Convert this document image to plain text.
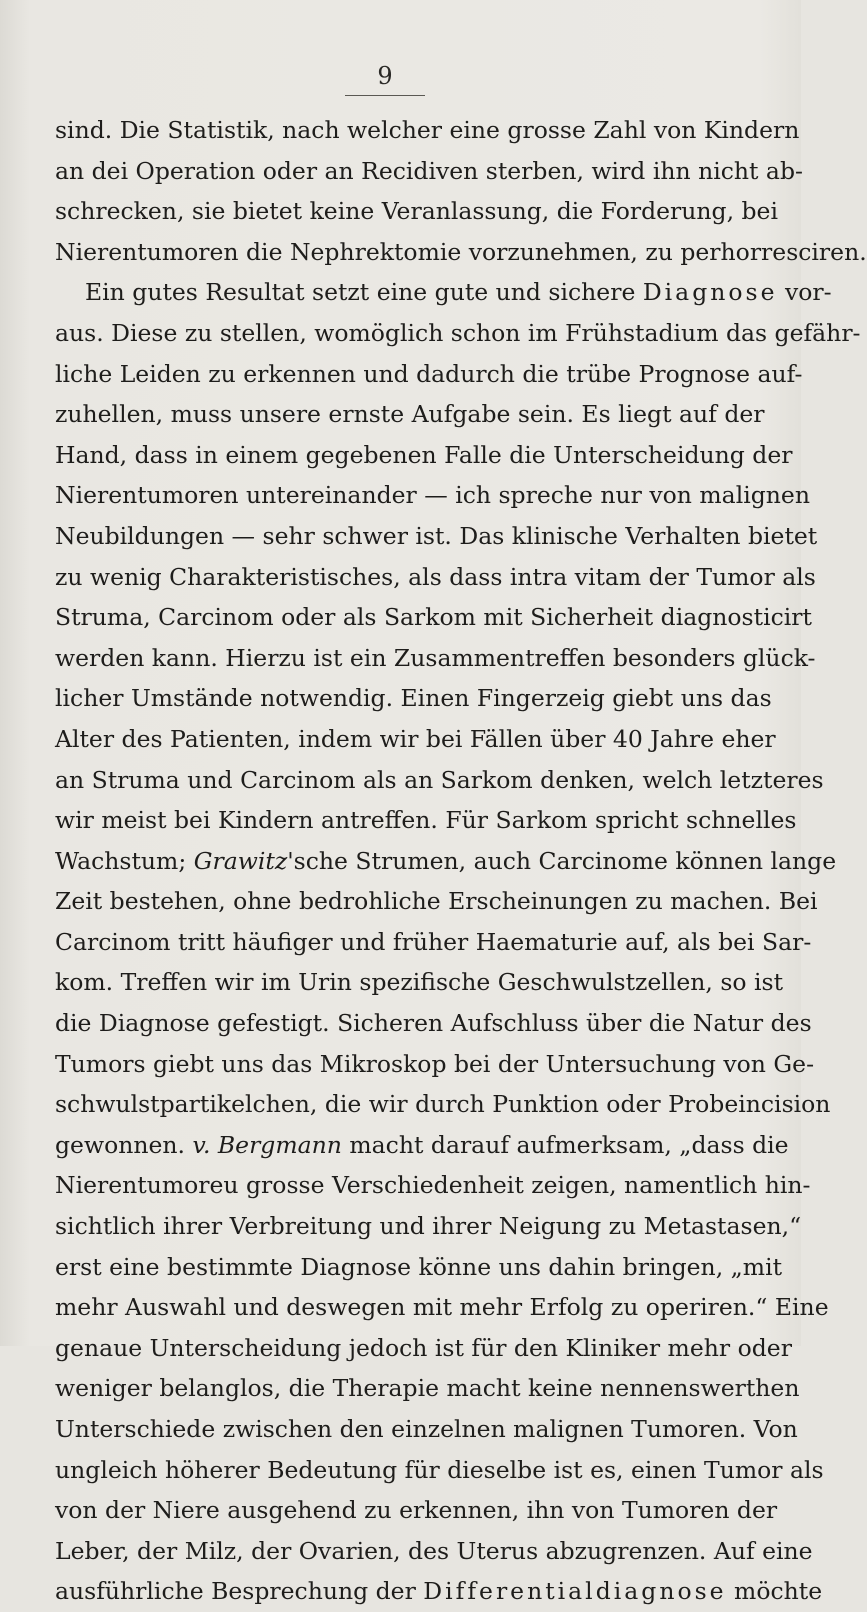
9
sind. Die Statistik, nach welcher eine grosse Zahl von Kindern
an dei Operation oder an Recidiven sterben, wird ihn nicht ab-
schrecken, sie bietet keine Veranlassung, die Forderung, bei
Nierentumoren die Nephrektomie vorzunehmen, zu perhorresciren.
Ein gutes Resultat setzt eine gute und sichere Diagnose vor-
aus. Diese zu stellen, womöglich schon im Frühstadium das gefähr-
liche Leiden zu erkennen und dadurch die trübe Prognose auf-
zuhellen, muss unsere ernste Aufgabe sein. Es liegt auf der
Hand, dass in einem gegebenen Falle die Unterscheidung der
Nierentumoren untereinander — ich spreche nur von malignen
Neubildungen — sehr schwer ist. Das klinische Verhalten bietet
zu wenig Charakteristisches, als dass intra vitam der Tumor als
Struma, Carcinom oder als Sarkom mit Sicherheit diagnosticirt
werden kann. Hierzu ist ein Zusammentreffen besonders glück-
licher Umstände notwendig. Einen Fingerzeig giebt uns das
Alter des Patienten, indem wir bei Fällen über 40 Jahre eher
an Struma und Carcinom als an Sarkom denken, welch letzteres
wir meist bei Kindern antreffen. Für Sarkom spricht schnelles
Wachstum; Grawitz'sche Strumen, auch Carcinome können lange
Zeit bestehen, ohne bedrohliche Erscheinungen zu machen. Bei
Carcinom tritt häufiger und früher Haematurie auf, als bei Sar-
kom. Treffen wir im Urin spezifische Geschwulstzellen, so ist
die Diagnose gefestigt. Sicheren Aufschluss über die Natur des
Tumors giebt uns das Mikroskop bei der Untersuchung von Ge-
schwulstpartikelchen, die wir durch Punktion oder Probeincision
gewonnen. v. Bergmann macht darauf aufmerksam, „dass die
Nierentumoreu grosse Verschiedenheit zeigen, namentlich hin-
sichtlich ihrer Verbreitung und ihrer Neigung zu Metastasen,“
erst eine bestimmte Diagnose könne uns dahin bringen, „mit
mehr Auswahl und deswegen mit mehr Erfolg zu operiren.“ Eine
genaue Unterscheidung jedoch ist für den Kliniker mehr oder
weniger belanglos, die Therapie macht keine nennenswerthen
Unterschiede zwischen den einzelnen malignen Tumoren. Von
ungleich höherer Bedeutung für dieselbe ist es, einen Tumor als
von der Niere ausgehend zu erkennen, ihn von Tumoren der
Leber, der Milz, der Ovarien, des Uterus abzugrenzen. Auf eine
ausführliche Besprechung der Differentialdiagnose möchte
